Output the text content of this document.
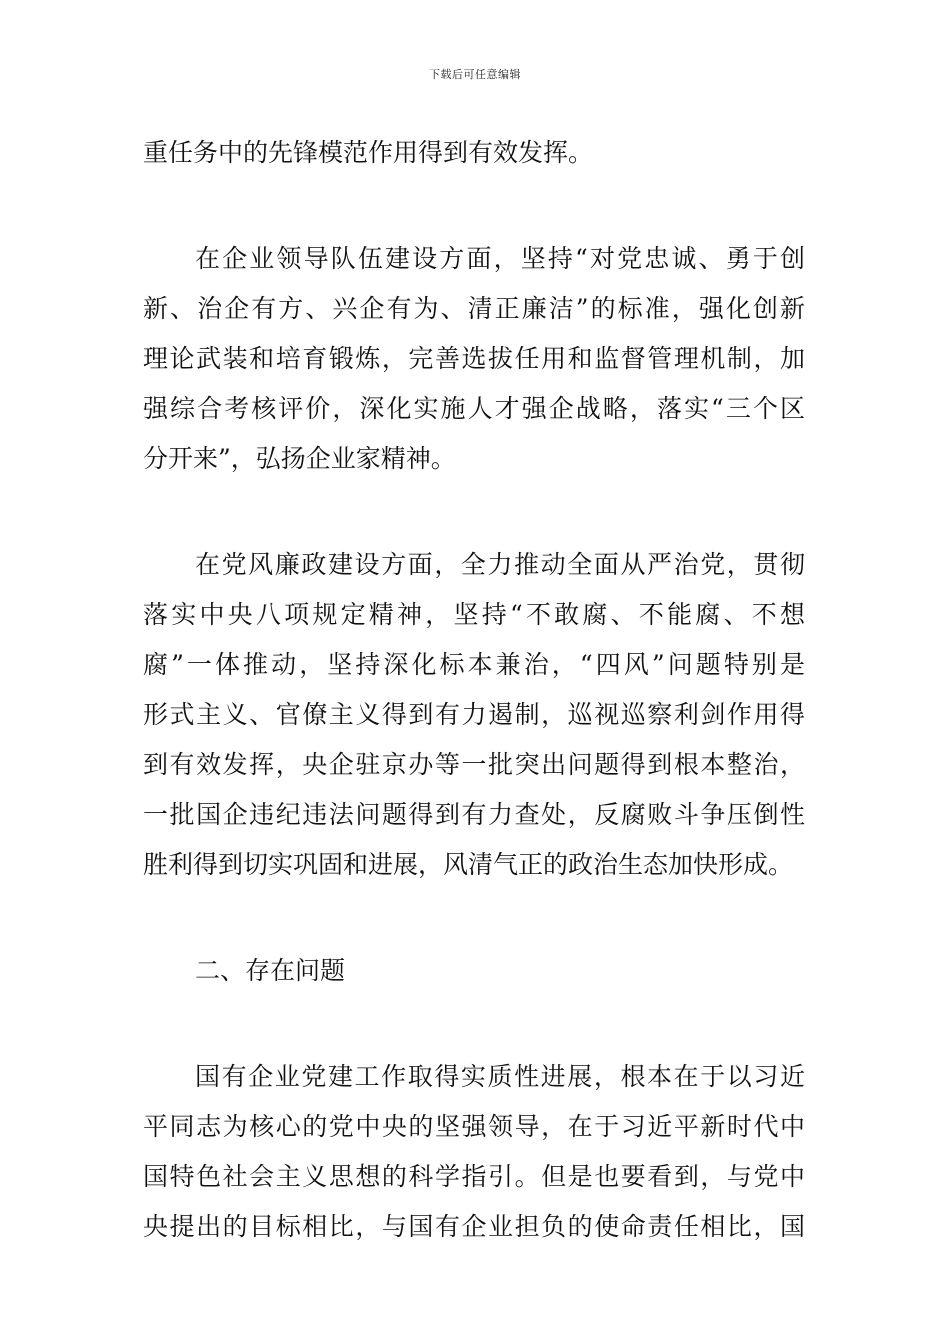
下载后可任意编辑
重任务中的先锋模范作用得到有效发挥。
在企业领导队伍建设方面，坚持“对党忠诚、勇于创
新、治企有方、兴企有为、清正廉洁”的标准，强化创新
理论武装和培育锻炼，完善选拔任用和监督管理机制，加
强综合考核评价，深化实施人才强企战略，落实“三个区
分开来”，弘扬企业家精神。
在党风廉政建设方面，全力推动全面从严治党，贯彻
落实中央八项规定精神，坚持“不敢腐、不能腐、不想
腐”一体推动，坚持深化标本兼治，“四风”问题特别是
形式主义、官僚主义得到有力遏制，巡视巡察利剑作用得
到有效发挥，央企驻京办等一批突出问题得到根本整治，
一批国企违纪违法问题得到有力查处，反腐败斗争压倒性
胜利得到切实巩固和进展，风清气正的政治生态加快形成。
二、存在问题
国有企业党建工作取得实质性进展，根本在于以习近
平同志为核心的党中央的坚强领导，在于习近平新时代中
国特色社会主义思想的科学指引。但是也要看到，与党中
央提出的目标相比，与国有企业担负的使命责任相比，国
